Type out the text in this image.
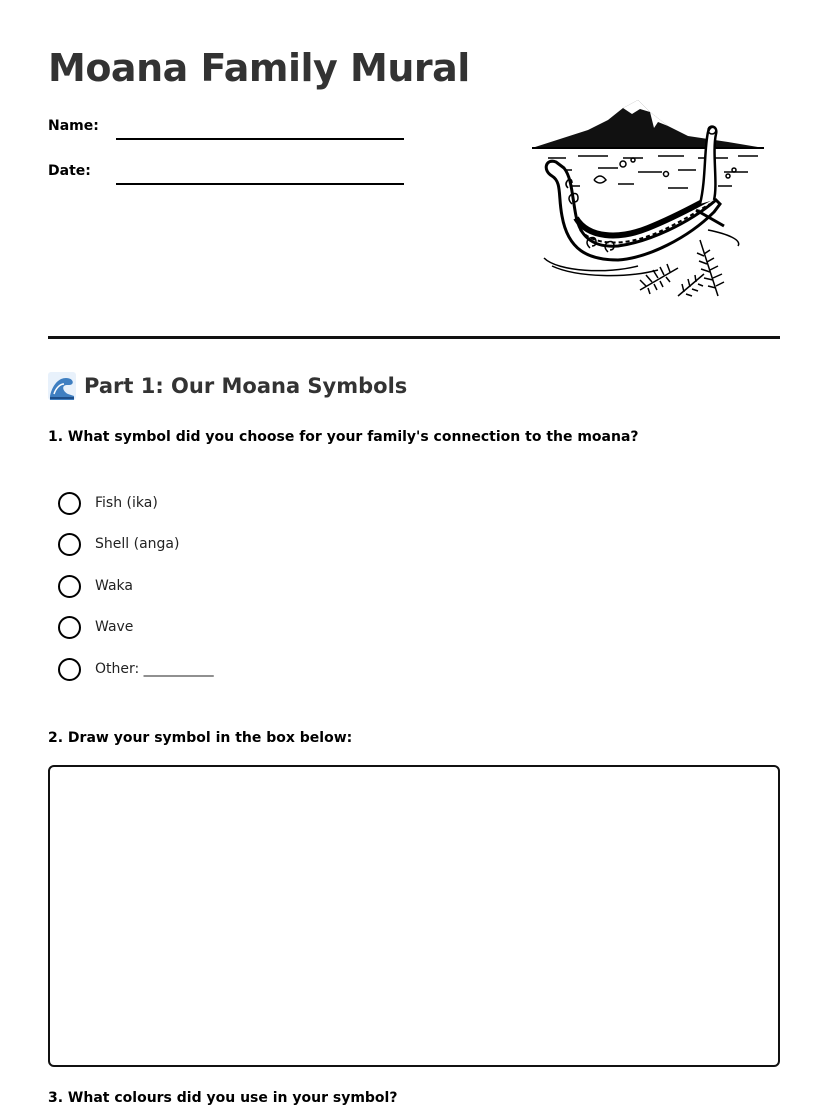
Moana Family Mural
Name:
Date:
Part 1: Our Moana Symbols
1. What symbol did you choose for your family's connection to the moana?
Fish (ika)
Shell (anga)
Waka
Wave
Other: __________
2. Draw your symbol in the box below:
3. What colours did you use in your symbol?
